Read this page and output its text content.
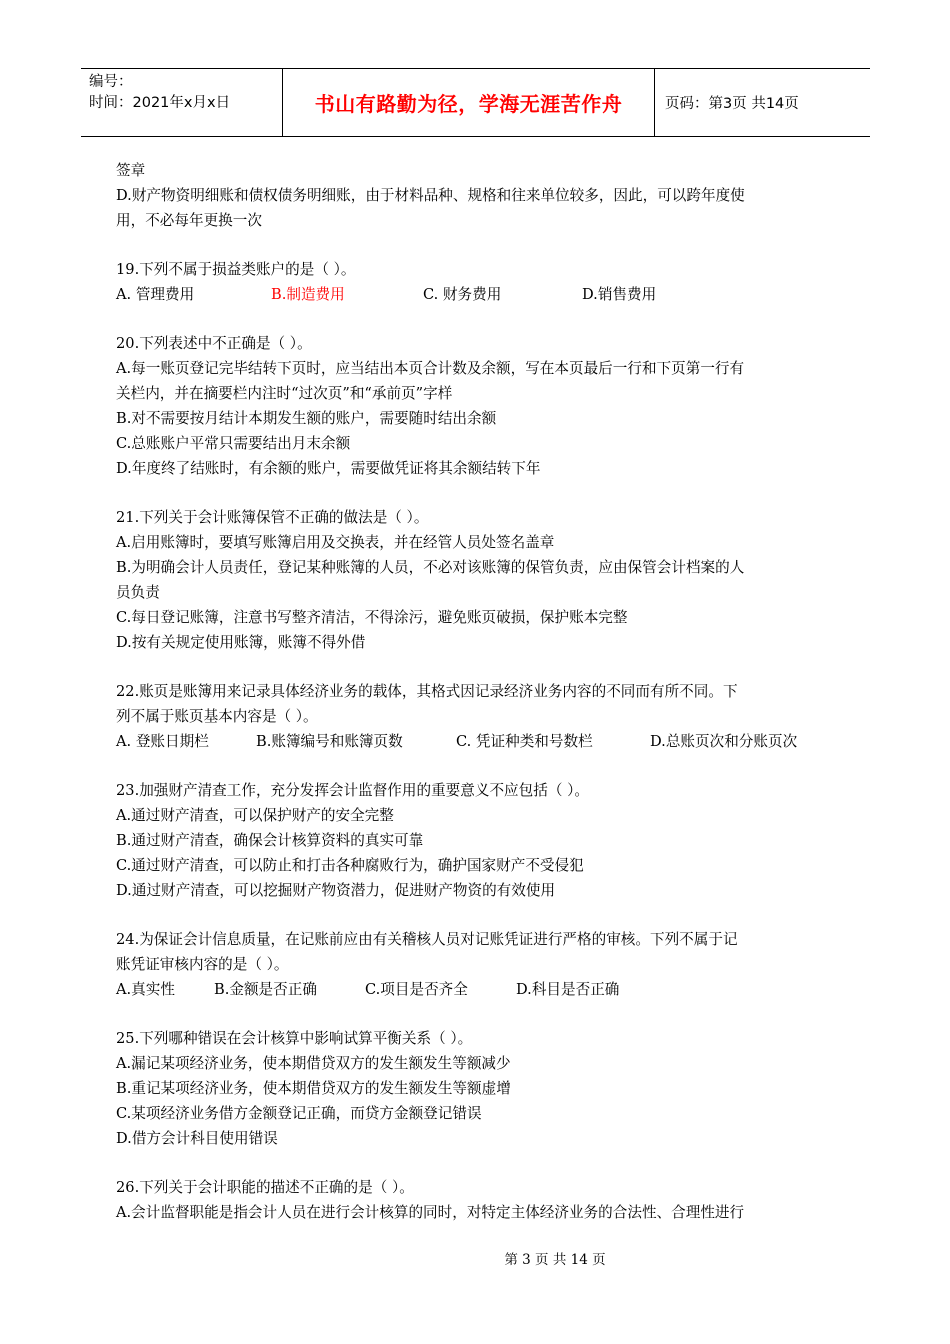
编号：
时间：2021年x月x日	书山有路勤为径，学海无涯苦作舟	页码：第3页 共14页
签章
D.财产物资明细账和债权债务明细账，由于材料品种、规格和往来单位较多，因此，可以跨年度使
用，不必每年更换一次
19.下列不属于损益类账户的是（ ）。
A. 管理费用	B.制造费用	C. 财务费用	D.销售费用
20.下列表述中不正确是（ ）。
A.每一账页登记完毕结转下页时，应当结出本页合计数及余额，写在本页最后一行和下页第一行有
关栏内，并在摘要栏内注时“过次页”和“承前页”字样
B.对不需要按月结计本期发生额的账户，需要随时结出余额
C.总账账户平常只需要结出月末余额
D.年度终了结账时，有余额的账户，需要做凭证将其余额结转下年
21.下列关于会计账簿保管不正确的做法是（ ）。
A.启用账簿时，要填写账簿启用及交换表，并在经管人员处签名盖章
B.为明确会计人员责任，登记某种账簿的人员，不必对该账簿的保管负责，应由保管会计档案的人
员负责
C.每日登记账簿，注意书写整齐清洁，不得涂污，避免账页破损，保护账本完整
D.按有关规定使用账簿，账簿不得外借
22.账页是账簿用来记录具体经济业务的载体，其格式因记录经济业务内容的不同而有所不同。下
列不属于账页基本内容是（ ）。
A. 登账日期栏	B.账簿编号和账簿页数	C. 凭证种类和号数栏	D.总账页次和分账页次
23.加强财产清查工作，充分发挥会计监督作用的重要意义不应包括（ ）。
A.通过财产清查，可以保护财产的安全完整
B.通过财产清查，确保会计核算资料的真实可靠
C.通过财产清查，可以防止和打击各种腐败行为，确护国家财产不受侵犯
D.通过财产清查，可以挖掘财产物资潜力，促进财产物资的有效使用
24.为保证会计信息质量，在记账前应由有关稽核人员对记账凭证进行严格的审核。下列不属于记
账凭证审核内容的是（ ）。
A.真实性	B.金额是否正确	C.项目是否齐全	D.科目是否正确
25.下列哪种错误在会计核算中影响试算平衡关系（ ）。
A.漏记某项经济业务，使本期借贷双方的发生额发生等额减少
B.重记某项经济业务，使本期借贷双方的发生额发生等额虚增
C.某项经济业务借方金额登记正确，而贷方金额登记错误
D.借方会计科目使用错误
26.下列关于会计职能的描述不正确的是（ ）。
A.会计监督职能是指会计人员在进行会计核算的同时，对特定主体经济业务的合法性、合理性进行
第 3 页 共 14 页
